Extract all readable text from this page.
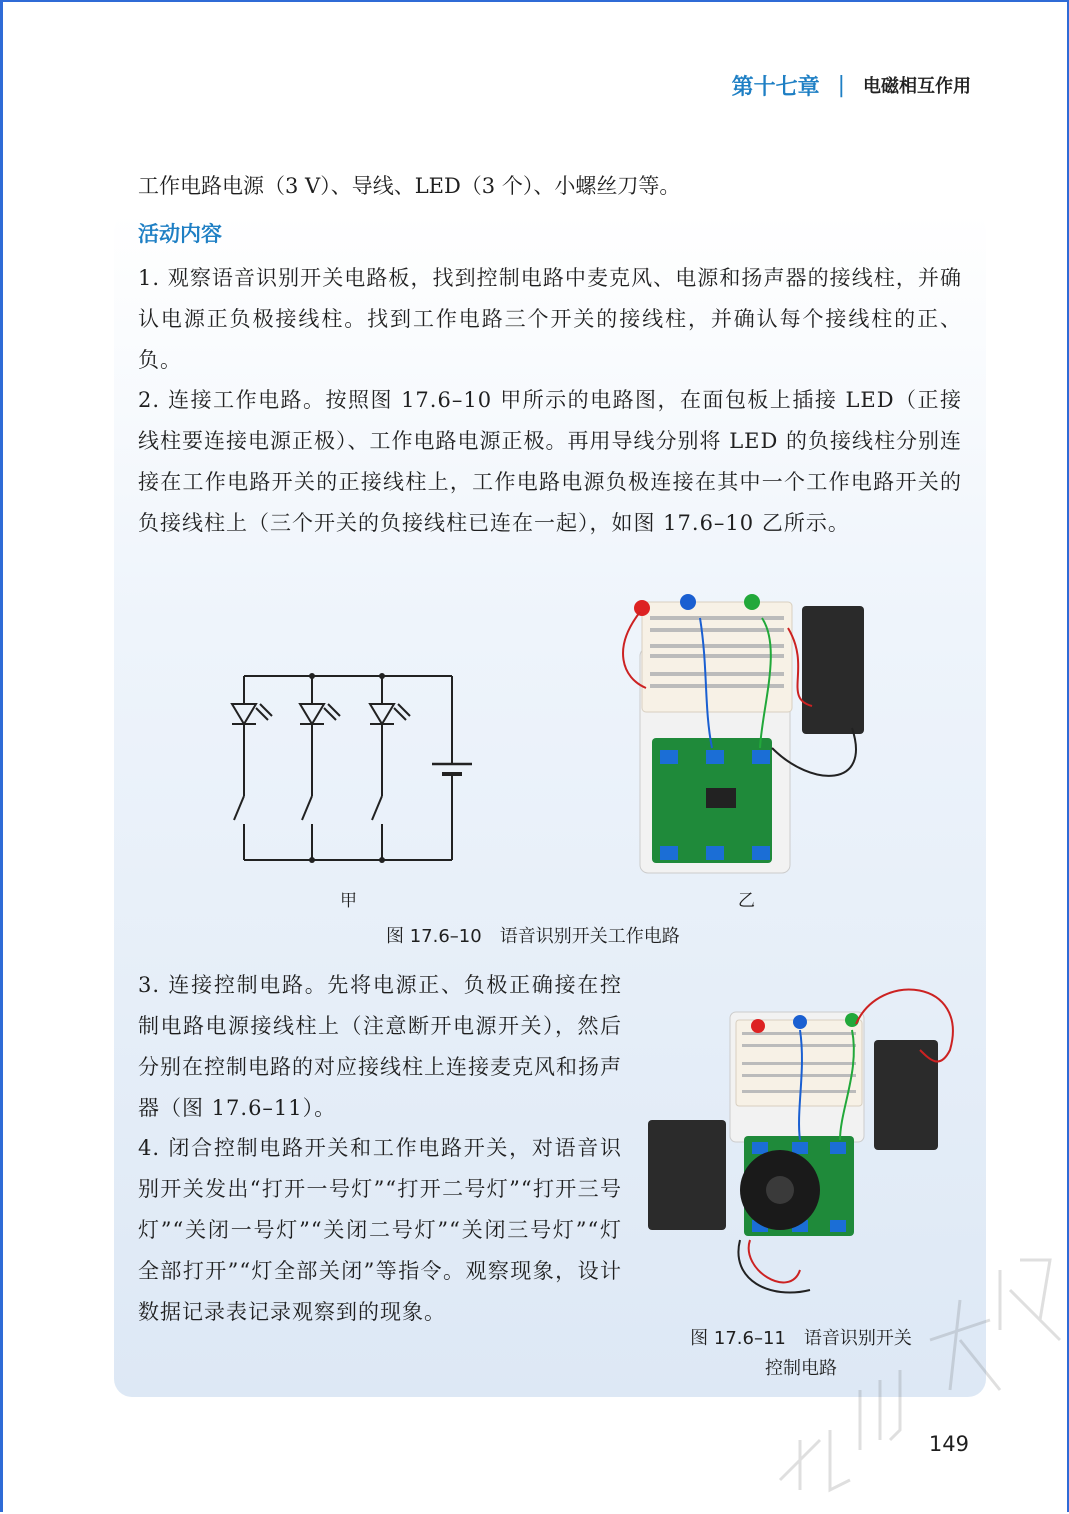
第十七章 | 电磁相互作用
工作电路电源（3 V）、导线、LED（3 个）、小螺丝刀等。
活动内容
1. 观察语音识别开关电路板，找到控制电路中麦克风、电源和扬声器的接线柱，并确认电源正负极接线柱。找到工作电路三个开关的接线柱，并确认每个接线柱的正、负。
2. 连接工作电路。按照图 17.6–10 甲所示的电路图，在面包板上插接 LED（正接线柱要连接电源正极）、工作电路电源正极。再用导线分别将 LED 的负接线柱分别连接在工作电路开关的正接线柱上，工作电路电源负极连接在其中一个工作电路开关的负接线柱上（三个开关的负接线柱已连在一起），如图 17.6–10 乙所示。
甲	乙
图 17.6–10　语音识别开关工作电路
3. 连接控制电路。先将电源正、负极正确接在控制电路电源接线柱上（注意断开电源开关），然后分别在控制电路的对应接线柱上连接麦克风和扬声器（图 17.6–11）。
4. 闭合控制电路开关和工作电路开关，对语音识别开关发出“打开一号灯”“打开二号灯”“打开三号灯”“关闭一号灯”“关闭二号灯”“关闭三号灯”“灯全部打开”“灯全部关闭”等指令。观察现象，设计数据记录表记录观察到的现象。
图 17.6–11　语音识别开关
控制电路
149
